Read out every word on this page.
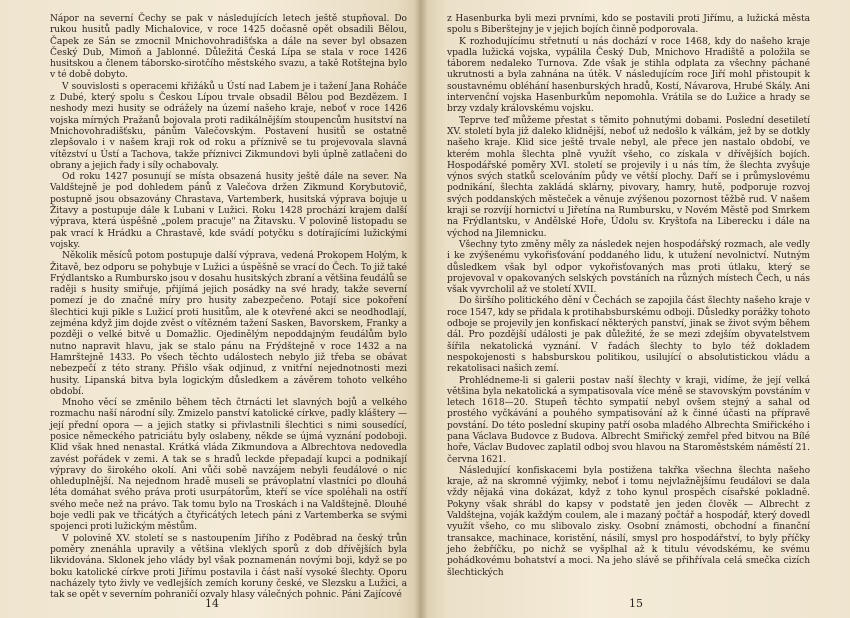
Nápor na severní Čechy se pak v následujících letech ještě stupňoval. Do rukou husitů padly Michalovice, v roce 1425 dočasně opět obsadili Bělou, Čapek ze Sán se zmocnil Mnichovohradišťska a dále na sever byl obsazen Český Dub, Mimoň a Jablonné. Důležitá Česká Lípa se stala v roce 1426 husitskou a členem táborsko-sirotčího městského svazu, a takě Rotštejna bylo v té době dobyto.

V souvislosti s operacemi křižáků u Ústí nad Labem je i tažení Jana Roháče z Dubé, který spolu s Českou Lípou trvale obsadil Bělou pod Bezdězem. I neshody mezi husity se odrážely na území našeho kraje, neboť v roce 1426 vojska mírných Pražanů bojovala proti radikálnějším stoupencům husitství na Mnichovohradišťsku, pánům Valečovským. Postavení husitů se ostatně zlepšovalo i v našem kraji rok od roku a příznivě se tu projevovala slavná vítězství u Ústí a Tachova, takže příznivci Zikmundovi byli úplně zatlačeni do obrany a jejich řady i síly ochabovaly.

Od roku 1427 posunují se místa obsazená husity ještě dále na sever. Na Valdštejně je pod dohledem pánů z Valečova držen Zikmund Korybutovič, postupně jsou obsazovány Chrastava, Vartemberk, husitská výprava bojuje u Žitavy a postupuje dále k Lubani v Lužici. Roku 1428 prochází krajem další výprava, která úspěšně „polem pracuje" na Žitavsku. V polovině listopadu se pak vrací k Hrádku a Chrastavě, kde svádí potyčku s dotírajícími lužickými vojsky.

Několik měsíců potom postupuje další výprava, vedená Prokopem Holým, k Žitavě, bez odporu se pohybuje v Lužici a úspěšně se vrací do Čech. To již také Frýdlantsko a Rumbursko jsou v dosahu husitských zbraní a většina feudálů se raději s husity smiřuje, přijímá jejich posádky na své hrady, takže severní pomezí je do značné míry pro husity zabezpečeno. Potají sice pokoření šlechtici kuji pikle s Lužicí proti husitům, ale k otevřené akci se neodhodlají, zejména když jim dojde zvěst o vítězném tažení Sasken, Bavorskem, Franky a později o velké bitvě u Domažlic. Ojedinělým nepoddajným feudálům bylo nutno napravit hlavu, jak se stalo pánu na Frýdštejně v roce 1432 a na Hamrštejně 1433. Po všech těchto událostech nebylo již třeba se obávat nebezpečí z této strany. Přišlo však odjinud, z vnitřní nejednotnosti mezi husity. Lipanská bitva byla logickým důsledkem a závěrem tohoto velkého období.

Mnoho věcí se změnilo během těch čtrnácti let slavných bojů a velkého rozmachu naší národní síly. Zmizelo panství katolické církve, padly kláštery — její přední opora — a jejich statky si přivlastnili šlechtici s nimi sousedící, posice německého patriciátu byly oslabeny, někde se újmá vyznání podoboji. Klid však hned nenastal. Krátká vláda Zikmundova a Albrechtova nedovedla zavést pořádek v zemi. A tak se s hradů leckde přepadají kupci a podnikají výpravy do širokého okolí. Ani vůči sobě navzájem nebyli feudálové o nic ohleduplnější. Na nejednom hradě museli se právoplatní vlastníci po dlouhá léta domáhat svého práva proti usurpátorům, kteří se více spoléhali na ostří svého meče než na právo. Tak tomu bylo na Troskách i na Valdštejně. Dlouhé boje vedli pak ve třicátých a čtyřicátých letech páni z Vartemberka se svými spojenci proti lužickým městům.

V polovině XV. století se s nastoupením Jiřího z Poděbrad na český trůn poměry znenáhla upravily a většina vleklých sporů z dob dřívějších byla likvidována. Sklonek jeho vlády byl však poznamenán novými boji, když se po boku katolické církve proti Jiřímu postavila i část naší vysoké šlechty. Oporu nacházely tyto živly ve vedlejších zemích koruny české, ve Slezsku a Lužici, a tak se opět v severním pohraničí ozvaly hlasy válečných pohnic. Páni Zajícové

14

z Hasenburka byli mezi prvními, kdo se postavili proti Jiřímu, a lužická města spolu s Biberštejny je v jejich bojích činně podporovala.

K rozhodujícímu střetnutí u nás dochází v roce 1468, kdy do našeho kraje vpadla lužická vojska, vypálila Český Dub, Mnichovo Hradiště a položila se táborem nedaleko Turnova. Zde však je stihla odplata za všechny páchané ukrutnosti a byla zahnána na útěk. V následujícím roce Jiří mohl přistoupit k soustavnému obléhání hasenburských hradů, Kostí, Návarova, Hrubé Skály. Ani intervenční vojska Hasenburkům nepomohla. Vrátila se do Lužice a hrady se brzy vzdaly královskému vojsku.

Teprve teď můžeme přestat s těmito pohnutými dobami. Poslední desetiletí XV. století byla již daleko klidnější, neboť už nedošlo k válkám, jež by se dotkly našeho kraje. Klid sice ještě trvale nebyl, ale přece jen nastalo období, ve kterém mohla šlechta plně využít všeho, co získala v dřívějších bojích. Hospodářské poměry XVI. století se projevily i u nás tím, že šlechta zvyšuje výnos svých statků scelováním půdy ve větší plochy. Daří se i průmyslovému podnikání, šlechta zakládá sklárny, pivovary, hamry, hutě, podporuje rozvoj svých poddanských městeček a věnuje zvýšenou pozornost těžbě rud. V našem kraji se rozvíjí hornictví u Jiřetína na Rumbursku, v Novém Městě pod Smrkem na Frýdlantsku, v Andělské Hoře, Údolu sv. Kryštofa na Liberecku i dále na východ na Jilemnicku.

Všechny tyto změny měly za následek nejen hospodářský rozmach, ale vedly i ke zvýšenému vykořisťování poddaného lidu, k utužení nevolnictví. Nutným důsledkem však byl odpor vykořisťovaných mas proti útlaku, který se projevoval v opakovaných selských povstáních na různých místech Čech, u nás však vyvrcholil až ve století XVII.

Do širšího politického dění v Čechách se zapojila část šlechty našeho kraje v roce 1547, kdy se přidala k protihabsburskému odboji. Důsledky porážky tohoto odboje se projevily jen konfiskací některých panství, jinak se život svým během dál. Pro pozdější události je pak důležité, že se mezi zdejším obyvatelstvem šířila nekatolická vyznání. V řadách šlechty to bylo též dokladem nespokojenosti s habsburskou politikou, usilující o absolutistickou vládu a rekatolisaci našich zemí.

Prohlédneme-li si galerii postav naší šlechty v kraji, vidíme, že její velká většina byla nekatolická a sympatisovala více méně se stavovským povstáním v letech 1618—20. Stupeň těchto sympatií nebyl ovšem stejný a sahal od prostého vyčkávání a pouhého sympatisování až k činné účasti na přípravě povstání. Do této poslední skupiny patří osoba mladého Albrechta Smiřického i pana Václava Budovce z Budova. Albrecht Smiřický zemřel před bitvou na Bílé hoře, Václav Budovec zaplatil odboj svou hlavou na Staroměstském náměstí 21. června 1621.

Následující konfiskacemi byla postižena takřka všechna šlechta našeho kraje, až na skromné výjimky, neboť i tomu nejvlažnějšímu feudálovi se dala vždy nějaká vina dokázat, když z toho kynul prospěch císařské pokladně. Pokyny však shrábl do kapsy v podstatě jen jeden člověk — Albrecht z Valdštejna, voják každým coulem, ale i mazaný počtář a hospodář, který dovedl využít všeho, co mu slibovalo zisky. Osobní známosti, obchodní a finanční transakce, machinace, koristění, násilí, smysl pro hospodářství, to byly příčky jeho žebříčku, po nichž se vyšplhal až k titulu vévodskému, ke svému pohádkovému bohatství a moci. Na jeho slávě se přihřívala celá smečka cizích šlechtických

15
